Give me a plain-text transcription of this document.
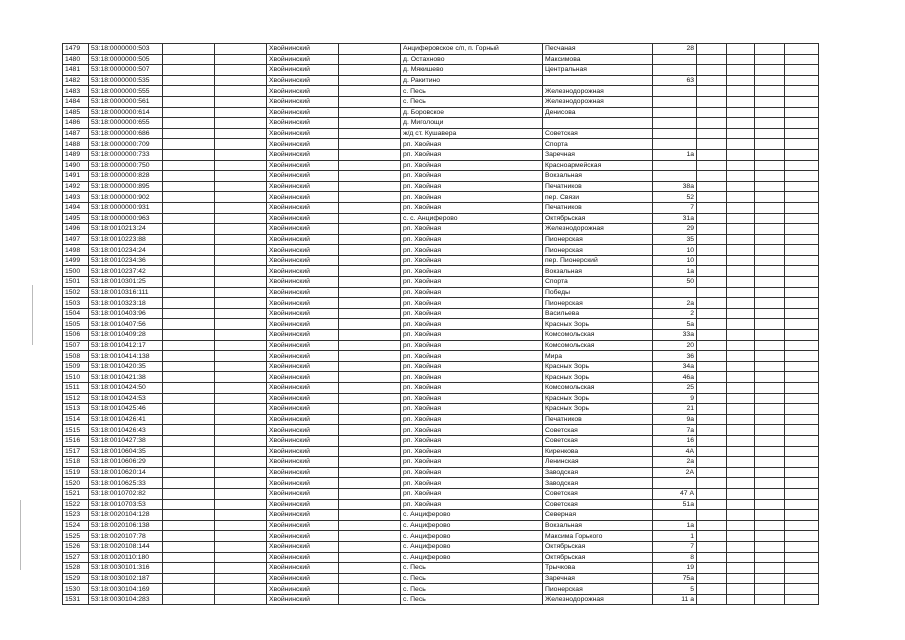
1479	53:18:0000000:503			Хвойнинский		Анциферовское с/п, п. Горный	Песчаная	28				
1480	53:18:0000000:505			Хвойнинский		д. Остахново	Максимова					
1481	53:18:0000000:507			Хвойнинский		д. Мякишево	Центральная					
1482	53:18:0000000:535			Хвойнинский		д. Ракитино		63				
1483	53:18:0000000:555			Хвойнинский		с. Песь	Железнодорожная					
1484	53:18:0000000:561			Хвойнинский		с. Песь	Железнодорожная					
1485	53:18:0000000:614			Хвойнинский		д. Боровское	Денисова					
1486	53:18:0000000:655			Хвойнинский		д. Миголощи						
1487	53:18:0000000:686			Хвойнинский		ж/д ст. Кушавера	Советская					
1488	53:18:0000000:709			Хвойнинский		рп. Хвойная	Спорта					
1489	53:18:0000000:733			Хвойнинский		рп. Хвойная	Заречная	1а				
1490	53:18:0000000:750			Хвойнинский		рп. Хвойная	Красноармейская					
1491	53:18:0000000:828			Хвойнинский		рп. Хвойная	Вокзальная					
1492	53:18:0000000:895			Хвойнинский		рп. Хвойная	Печатников	38а				
1493	53:18:0000000:902			Хвойнинский		рп. Хвойная	пер. Связи	52				
1494	53:18:0000000:931			Хвойнинский		рп. Хвойная	Печатников	7				
1495	53:18:0000000:963			Хвойнинский		с. с. Анциферово	Октябрьская	31а				
1496	53:18:0010213:24			Хвойнинский		рп. Хвойная	Железнодорожная	29				
1497	53:18:0010223:88			Хвойнинский		рп. Хвойная	Пионерская	35				
1498	53:18:0010234:24			Хвойнинский		рп. Хвойная	Пионерская	10				
1499	53:18:0010234:36			Хвойнинский		рп. Хвойная	пер. Пионерский	10				
1500	53:18:0010237:42			Хвойнинский		рп. Хвойная	Вокзальная	1а				
1501	53:18:0010301:25			Хвойнинский		рп. Хвойная	Спорта	50				
1502	53:18:0010316:111			Хвойнинский		рп. Хвойная	Победы					
1503	53:18:0010323:18			Хвойнинский		рп. Хвойная	Пионерская	2а				
1504	53:18:0010403:96			Хвойнинский		рп. Хвойная	Васильева	2				
1505	53:18:0010407:56			Хвойнинский		рп. Хвойная	Красных Зорь	5а				
1506	53:18:0010409:28			Хвойнинский		рп. Хвойная	Комсомольская	33а				
1507	53:18:0010412:17			Хвойнинский		рп. Хвойная	Комсомольская	20				
1508	53:18:0010414:138			Хвойнинский		рп. Хвойная	Мира	36				
1509	53:18:0010420:35			Хвойнинский		рп. Хвойная	Красных Зорь	34а				
1510	53:18:0010421:38			Хвойнинский		рп. Хвойная	Красных Зорь	46а				
1511	53:18:0010424:50			Хвойнинский		рп. Хвойная	Комсомольская	25				
1512	53:18:0010424:53			Хвойнинский		рп. Хвойная	Красных Зорь	9				
1513	53:18:0010425:46			Хвойнинский		рп. Хвойная	Красных Зорь	21				
1514	53:18:0010426:41			Хвойнинский		рп. Хвойная	Печатников	9а				
1515	53:18:0010426:43			Хвойнинский		рп. Хвойная	Советская	7а				
1516	53:18:0010427:38			Хвойнинский		рп. Хвойная	Советская	16				
1517	53:18:0010604:35			Хвойнинский		рп. Хвойная	Киренкова	4А				
1518	53:18:0010606:29			Хвойнинский		рп. Хвойная	Ленинская	2а				
1519	53:18:0010620:14			Хвойнинский		рп. Хвойная	Заводская	2А				
1520	53:18:0010625:33			Хвойнинский		рп. Хвойная	Заводская					
1521	53:18:0010702:82			Хвойнинский		рп. Хвойная	Советская	47 А				
1522	53:18:0010703:53			Хвойнинский		рп. Хвойная	Советская	51а				
1523	53:18:0020104:128			Хвойнинский		с. Анциферово	Северная					
1524	53:18:0020106:138			Хвойнинский		с. Анциферово	Вокзальная	1а				
1525	53:18:0020107:78			Хвойнинский		с. Анциферово	Максима Горького	1				
1526	53:18:0020108:144			Хвойнинский		с. Анциферово	Октябрьская	7				
1527	53:18:0020110:180			Хвойнинский		с. Анциферово	Октябрьская	8				
1528	53:18:0030101:316			Хвойнинский		с. Песь	Трычкова	19				
1529	53:18:0030102:187			Хвойнинский		с. Песь	Заречная	75а				
1530	53:18:0030104:169			Хвойнинский		с. Песь	Пионерская	5				
1531	53:18:0030104:283			Хвойнинский		с. Песь	Железнодорожная	11 а				
